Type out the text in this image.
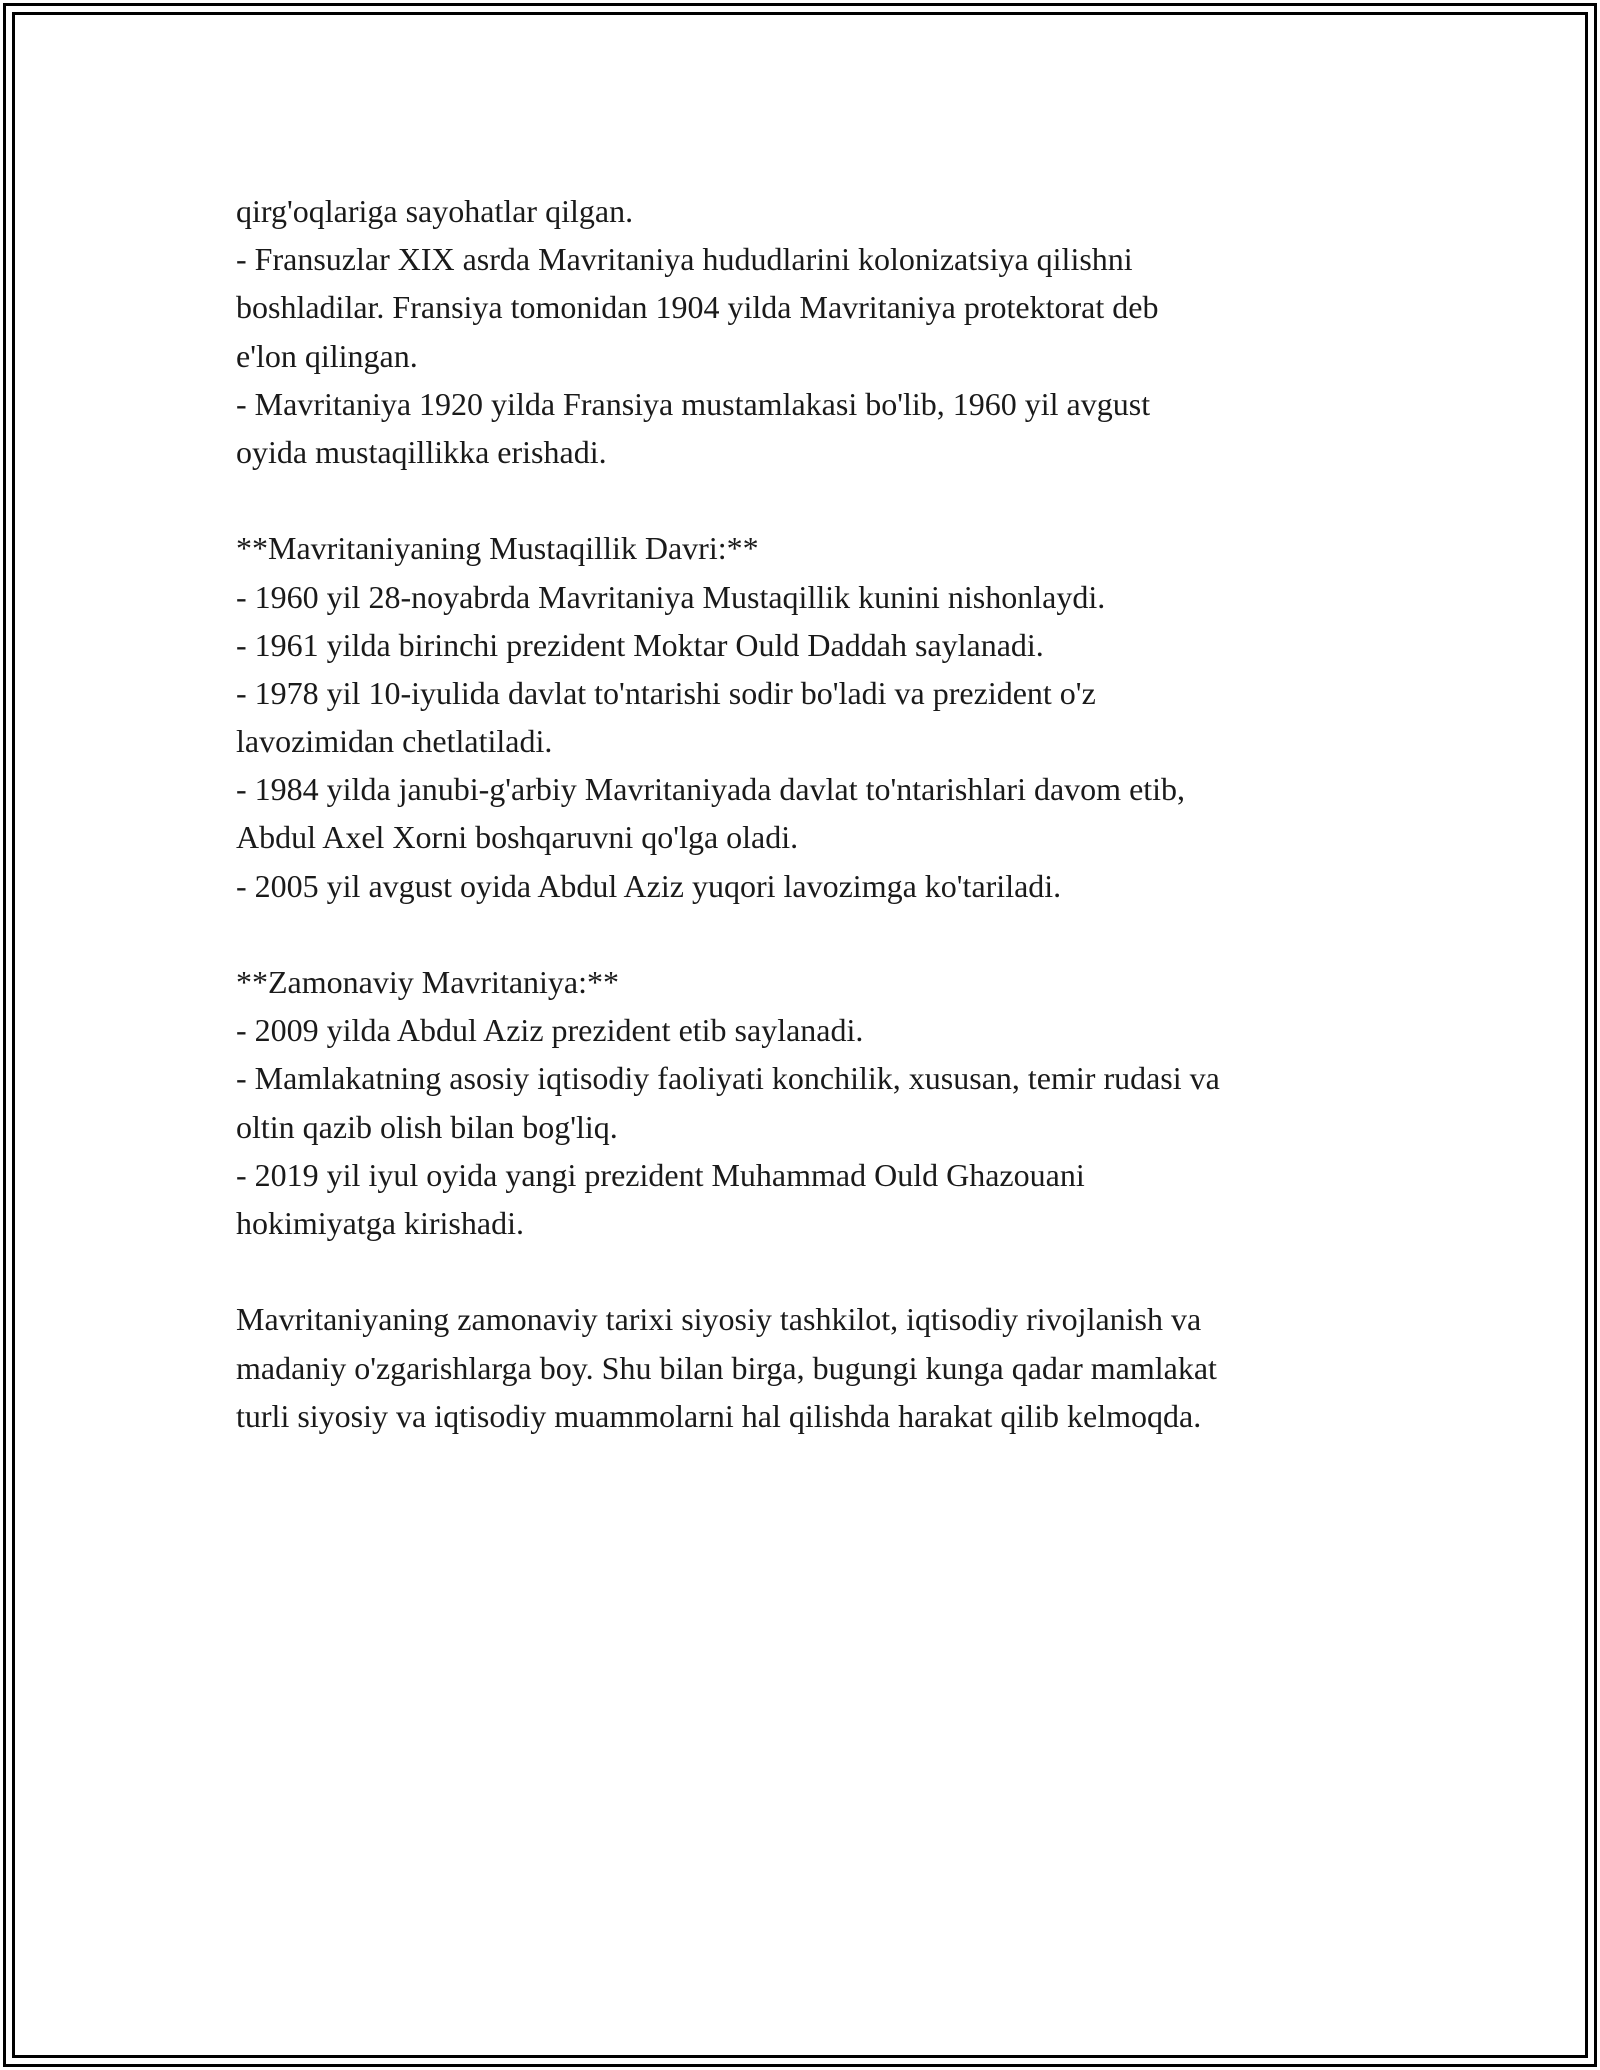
qirg'oqlariga sayohatlar qilgan.
- Fransuzlar XIX asrda Mavritaniya hududlarini kolonizatsiya qilishni
boshladilar. Fransiya tomonidan 1904 yilda Mavritaniya protektorat deb
e'lon qilingan.
- Mavritaniya 1920 yilda Fransiya mustamlakasi bo'lib, 1960 yil avgust
oyida mustaqillikka erishadi.
**Mavritaniyaning Mustaqillik Davri:**
- 1960 yil 28-noyabrda Mavritaniya Mustaqillik kunini nishonlaydi.
- 1961 yilda birinchi prezident Moktar Ould Daddah saylanadi.
- 1978 yil 10-iyulida davlat to'ntarishi sodir bo'ladi va prezident o'z
lavozimidan chetlatiladi.
- 1984 yilda janubi-g'arbiy Mavritaniyada davlat to'ntarishlari davom etib,
Abdul Axel Xorni boshqaruvni qo'lga oladi.
- 2005 yil avgust oyida Abdul Aziz yuqori lavozimga ko'tariladi.
**Zamonaviy Mavritaniya:**
- 2009 yilda Abdul Aziz prezident etib saylanadi.
- Mamlakatning asosiy iqtisodiy faoliyati konchilik, xususan, temir rudasi va
oltin qazib olish bilan bog'liq.
- 2019 yil iyul oyida yangi prezident Muhammad Ould Ghazouani
hokimiyatga kirishadi.
Mavritaniyaning zamonaviy tarixi siyosiy tashkilot, iqtisodiy rivojlanish va
madaniy o'zgarishlarga boy. Shu bilan birga, bugungi kunga qadar mamlakat
turli siyosiy va iqtisodiy muammolarni hal qilishda harakat qilib kelmoqda.
